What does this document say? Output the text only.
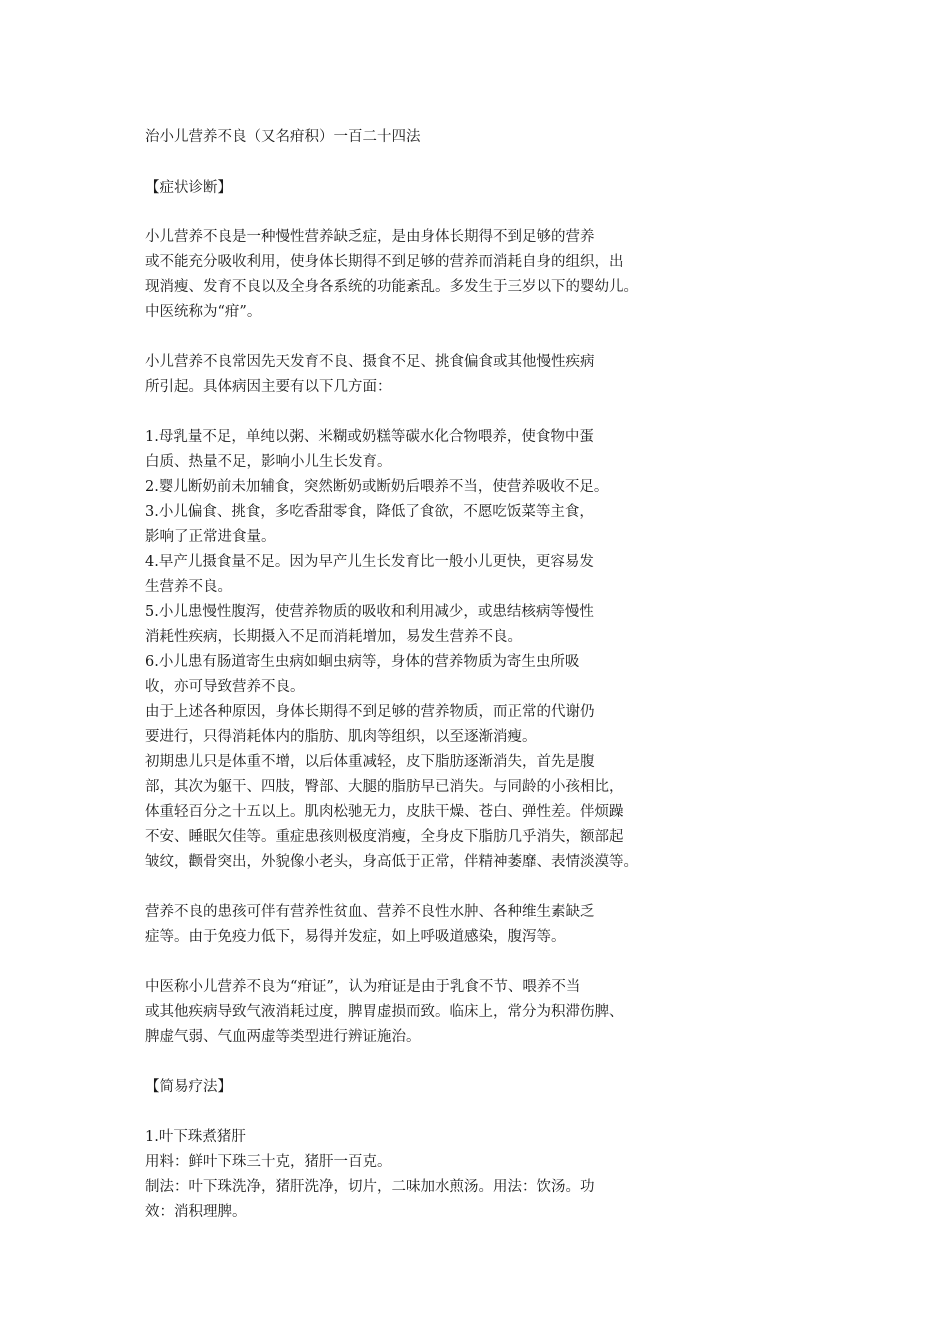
治小儿营养不良（又名疳积）一百二十四法
【症状诊断】
小儿营养不良是一种慢性营养缺乏症，是由身体长期得不到足够的营养
或不能充分吸收利用，使身体长期得不到足够的营养而消耗自身的组织，出
现消瘦、发育不良以及全身各系统的功能紊乱。多发生于三岁以下的婴幼儿。
中医统称为“疳”。
小儿营养不良常因先天发育不良、摄食不足、挑食偏食或其他慢性疾病
所引起。具体病因主要有以下几方面：
1.母乳量不足，单纯以粥、米糊或奶糕等碳水化合物喂养，使食物中蛋
白质、热量不足，影响小儿生长发育。
2.婴儿断奶前未加辅食，突然断奶或断奶后喂养不当，使营养吸收不足。
3.小儿偏食、挑食，多吃香甜零食，降低了食欲，不愿吃饭菜等主食，
影响了正常进食量。
4.早产儿摄食量不足。因为早产儿生长发育比一般小儿更快，更容易发
生营养不良。
5.小儿患慢性腹泻，使营养物质的吸收和利用减少，或患结核病等慢性
消耗性疾病，长期摄入不足而消耗增加，易发生营养不良。
6.小儿患有肠道寄生虫病如蛔虫病等，身体的营养物质为寄生虫所吸
收，亦可导致营养不良。
由于上述各种原因，身体长期得不到足够的营养物质，而正常的代谢仍
要进行，只得消耗体内的脂肪、肌肉等组织，以至逐渐消瘦。
初期患儿只是体重不增，以后体重减轻，皮下脂肪逐渐消失，首先是腹
部，其次为躯干、四肢，臀部、大腿的脂肪早已消失。与同龄的小孩相比，
体重轻百分之十五以上。肌肉松驰无力，皮肤干燥、苍白、弹性差。伴烦躁
不安、睡眠欠佳等。重症患孩则极度消瘦，全身皮下脂肪几乎消失，额部起
皱纹，颧骨突出，外貌像小老头，身高低于正常，伴精神萎靡、表情淡漠等。
营养不良的患孩可伴有营养性贫血、营养不良性水肿、各种维生素缺乏
症等。由于免疫力低下，易得并发症，如上呼吸道感染，腹泻等。
中医称小儿营养不良为“疳证”，认为疳证是由于乳食不节、喂养不当
或其他疾病导致气液消耗过度，脾胃虚损而致。临床上，常分为积滞伤脾、
脾虚气弱、气血两虚等类型进行辨证施治。
【简易疗法】
1.叶下珠煮猪肝
用料：鲜叶下珠三十克，猪肝一百克。
制法：叶下珠洗净，猪肝洗净，切片，二味加水煎汤。用法：饮汤。功
效：消积理脾。
